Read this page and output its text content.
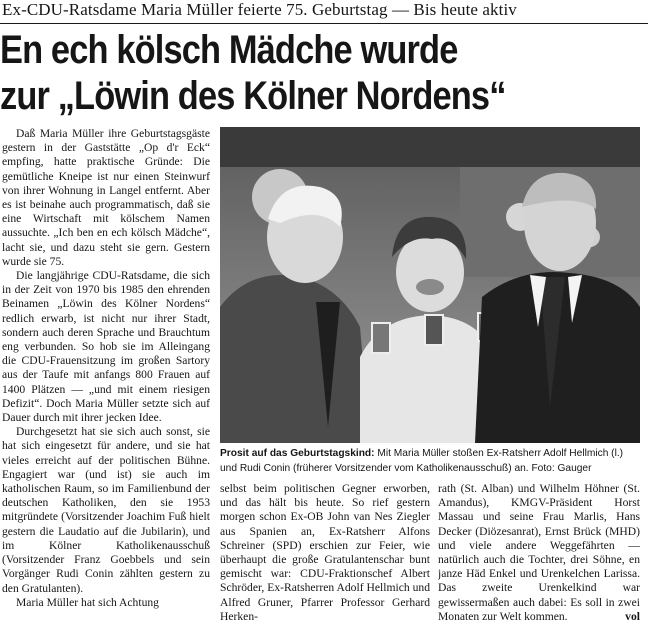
Ex-CDU-Ratsdame Maria Müller feierte 75. Geburtstag — Bis heute aktiv
En ech kölsch Mädche wurde
zur „Löwin des Kölner Nordens“

Daß Maria Müller ihre Geburtstagsgäste gestern in der Gaststätte „Op d'r Eck“ empfing, hatte praktische Gründe: Die gemütliche Kneipe ist nur einen Steinwurf von ihrer Wohnung in Langel entfernt. Aber es ist beinahe auch programmatisch, daß sie eine Wirtschaft mit kölschem Namen aussuchte. „Ich ben en ech kölsch Mädche“, lacht sie, und dazu steht sie gern. Gestern wurde sie 75.

Die langjährige CDU-Ratsdame, die sich in der Zeit von 1970 bis 1985 den ehrenden Beinamen „Löwin des Kölner Nordens“ redlich erwarb, ist nicht nur ihrer Stadt, sondern auch deren Sprache und Brauchtum eng verbunden. So hob sie im Alleingang die CDU-Frauensitzung im großen Sartory aus der Taufe mit anfangs 800 Frauen auf 1400 Plätzen — „und mit einem riesigen Defizit“. Doch Maria Müller setzte sich auf Dauer durch mit ihrer jecken Idee.

Durchgesetzt hat sie sich auch sonst, sie hat sich eingesetzt für andere, und sie hat vieles erreicht auf der politischen Bühne. Engagiert war (und ist) sie auch im katholischen Raum, so im Familienbund der deutschen Katholiken, den sie 1953 mitgründete (Vorsitzender Joachim Fuß hielt gestern die Laudatio auf die Jubilarin), und im Kölner Katholikenausschuß (Vorsitzender Franz Goebbels und sein Vorgänger Rudi Conin zählten gestern zu den Gratulanten).

Maria Müller hat sich Achtung

Prosit auf das Geburtstagskind: Mit Maria Müller stoßen Ex-Ratsherr Adolf Hellmich (l.) und Rudi Conin (früherer Vorsitzender vom Katholikenausschuß) an. Foto: Gauger

selbst beim politischen Gegner erworben, und das hält bis heute. So rief gestern morgen schon Ex-OB John van Nes Ziegler aus Spanien an, Ex-Ratsherr Alfons Schreiner (SPD) erschien zur Feier, wie überhaupt die große Gratulantenschar bunt gemischt war: CDU-Fraktionschef Albert Schröder, Ex-Ratsherren Adolf Hellmich und Alfred Gruner, Pfarrer Professor Gerhard Herken-

rath (St. Alban) und Wilhelm Höhner (St. Amandus), KMGV-Präsident Horst Massau und seine Frau Marlis, Hans Decker (Diözesanrat), Ernst Brück (MHD) und viele andere Weggefährten — natürlich auch die Tochter, drei Söhne, en janze Häd Enkel und Urenkelchen Larissa. Das zweite Urenkelkind war gewissermaßen auch dabei: Es soll in zwei Monaten zur Welt kommen.	vol
